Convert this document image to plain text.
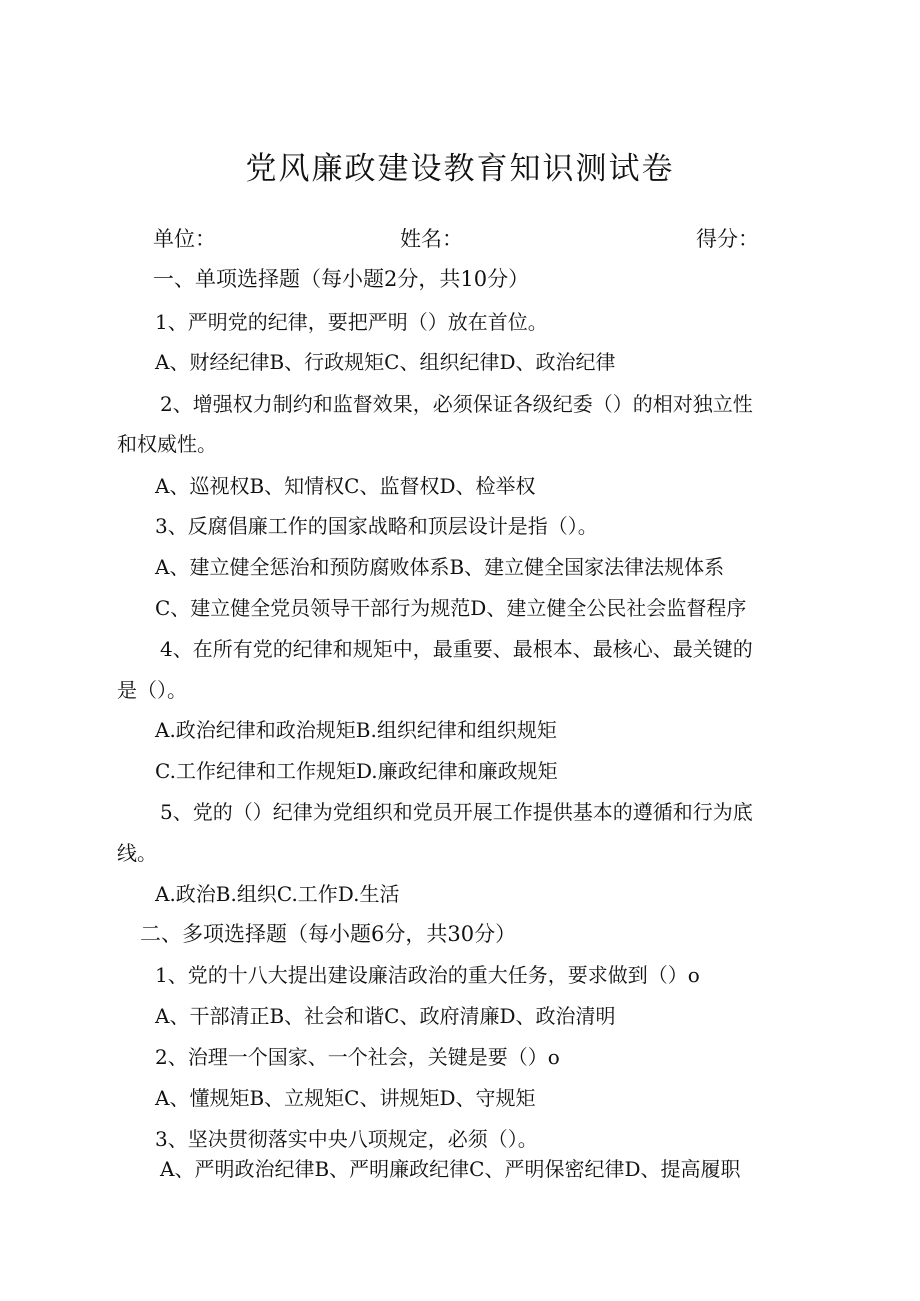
党风廉政建设教育知识测试卷
单位：	姓名：	得分：
一、单项选择题（每小题2分，共10分）
1、严明党的纪律，要把严明（）放在首位。
A、财经纪律B、行政规矩C、组织纪律D、政治纪律
2、增强权力制约和监督效果，必须保证各级纪委（）的相对独立性
和权威性。
A、巡视权B、知情权C、监督权D、检举权
3、反腐倡廉工作的国家战略和顶层设计是指（）。
A、建立健全惩治和预防腐败体系B、建立健全国家法律法规体系
C、建立健全党员领导干部行为规范D、建立健全公民社会监督程序
4、在所有党的纪律和规矩中，最重要、最根本、最核心、最关键的
是（）。
A.政治纪律和政治规矩B.组织纪律和组织规矩
C.工作纪律和工作规矩D.廉政纪律和廉政规矩
5、党的（）纪律为党组织和党员开展工作提供基本的遵循和行为底
线。
A.政治B.组织C.工作D.生活
二、多项选择题（每小题6分，共30分）
1、党的十八大提出建设廉洁政治的重大任务，要求做到（）o
A、干部清正B、社会和谐C、政府清廉D、政治清明
2、治理一个国家、一个社会，关键是要（）o
A、懂规矩B、立规矩C、讲规矩D、守规矩
3、坚决贯彻落实中央八项规定，必须（）。
A、严明政治纪律B、严明廉政纪律C、严明保密纪律D、提高履职
